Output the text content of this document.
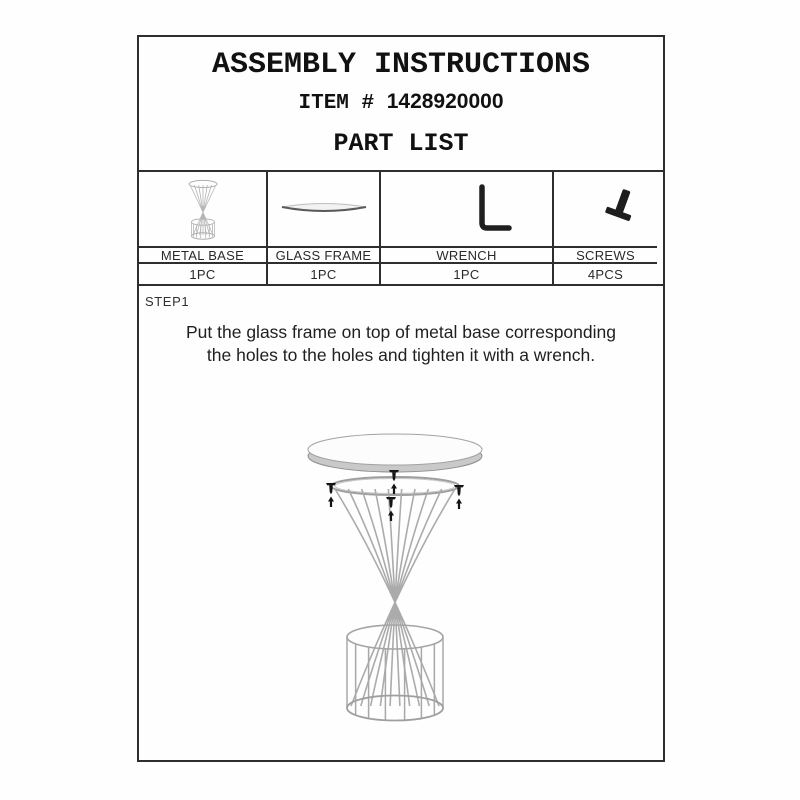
ASSEMBLY INSTRUCTIONS
ITEM # 1428920000
PART LIST
METAL BASE	GLASS FRAME	WRENCH	SCREWS
1PC	1PC	1PC	4PCS
STEP1
Put the glass frame on top of metal base corresponding
the holes to the holes and tighten it with a wrench.
